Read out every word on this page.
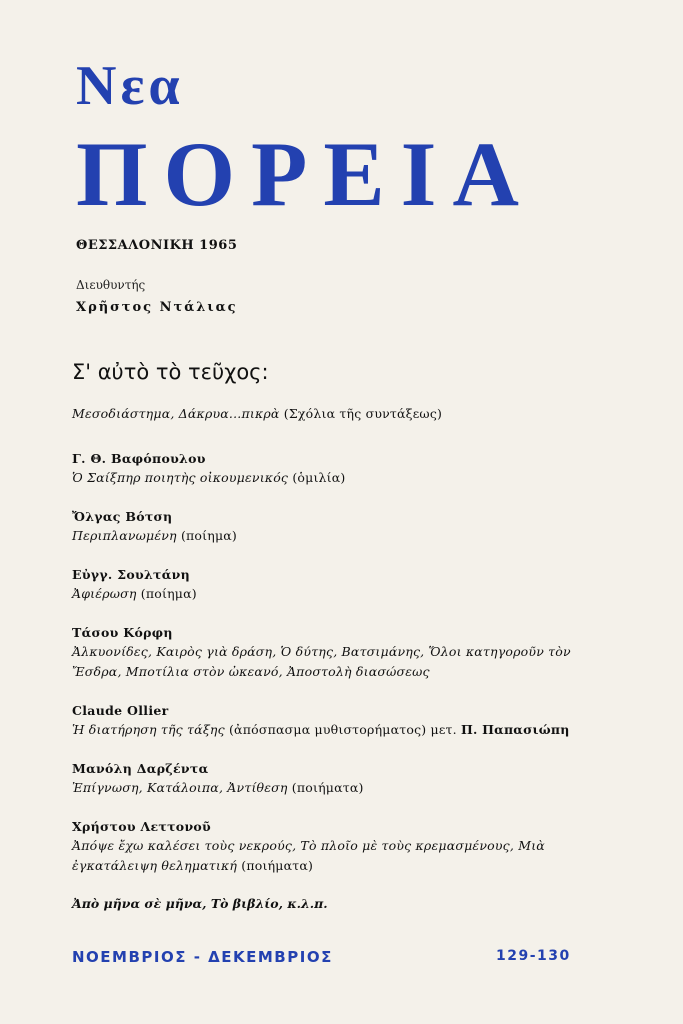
Νεα
ΠΟΡΕΙΑ
ΘΕΣΣΑΛΟΝΙΚΗ 1965
Διευθυντής
Χρῆστος Ντάλιας
Σ' αὐτὸ τὸ τεῦχος:
Μεσοδιάστημα, Δάκρυα...πικρὰ (Σχόλια τῆς συντάξεως)
Γ. Θ. Βαφόπουλου
Ὁ Σαίξπηρ ποιητὴς οἰκουμενικός (ὁμιλία)
Ὄλγας Βότση
Περιπλανωμένη (ποίημα)
Εὐγγ. Σουλτάνη
Ἀφιέρωση (ποίημα)
Τάσου Κόρφη
Ἀλκυονίδες, Καιρὸς γιὰ δράση, Ὁ δύτης, Βατσιμάνης, Ὅλοι κατηγοροῦν τὸν Ἔσδρα, Μποτίλια στὸν ὠκεανό, Ἀποστολὴ διασώσεως
Claude Ollier
Ἡ διατήρηση τῆς τάξης (ἀπόσπασμα μυθιστορήματος) μετ. Π. Παπασιώπη
Μανόλη Δαρζέντα
Ἐπίγνωση, Κατάλοιπα, Ἀντίθεση (ποιήματα)
Χρήστου Λεττονοῦ
Ἀπόψε ἔχω καλέσει τοὺς νεκρούς, Τὸ πλοῖο μὲ τοὺς κρεμασμένους, Μιὰ ἐγκατάλειψη θεληματική (ποιήματα)
Ἀπὸ μῆνα σὲ μῆνα, Τὸ βιβλίο, κ.λ.π.
ΝΟΕΜΒΡΙΟΣ - ΔΕΚΕΜΒΡΙΟΣ	129-130
